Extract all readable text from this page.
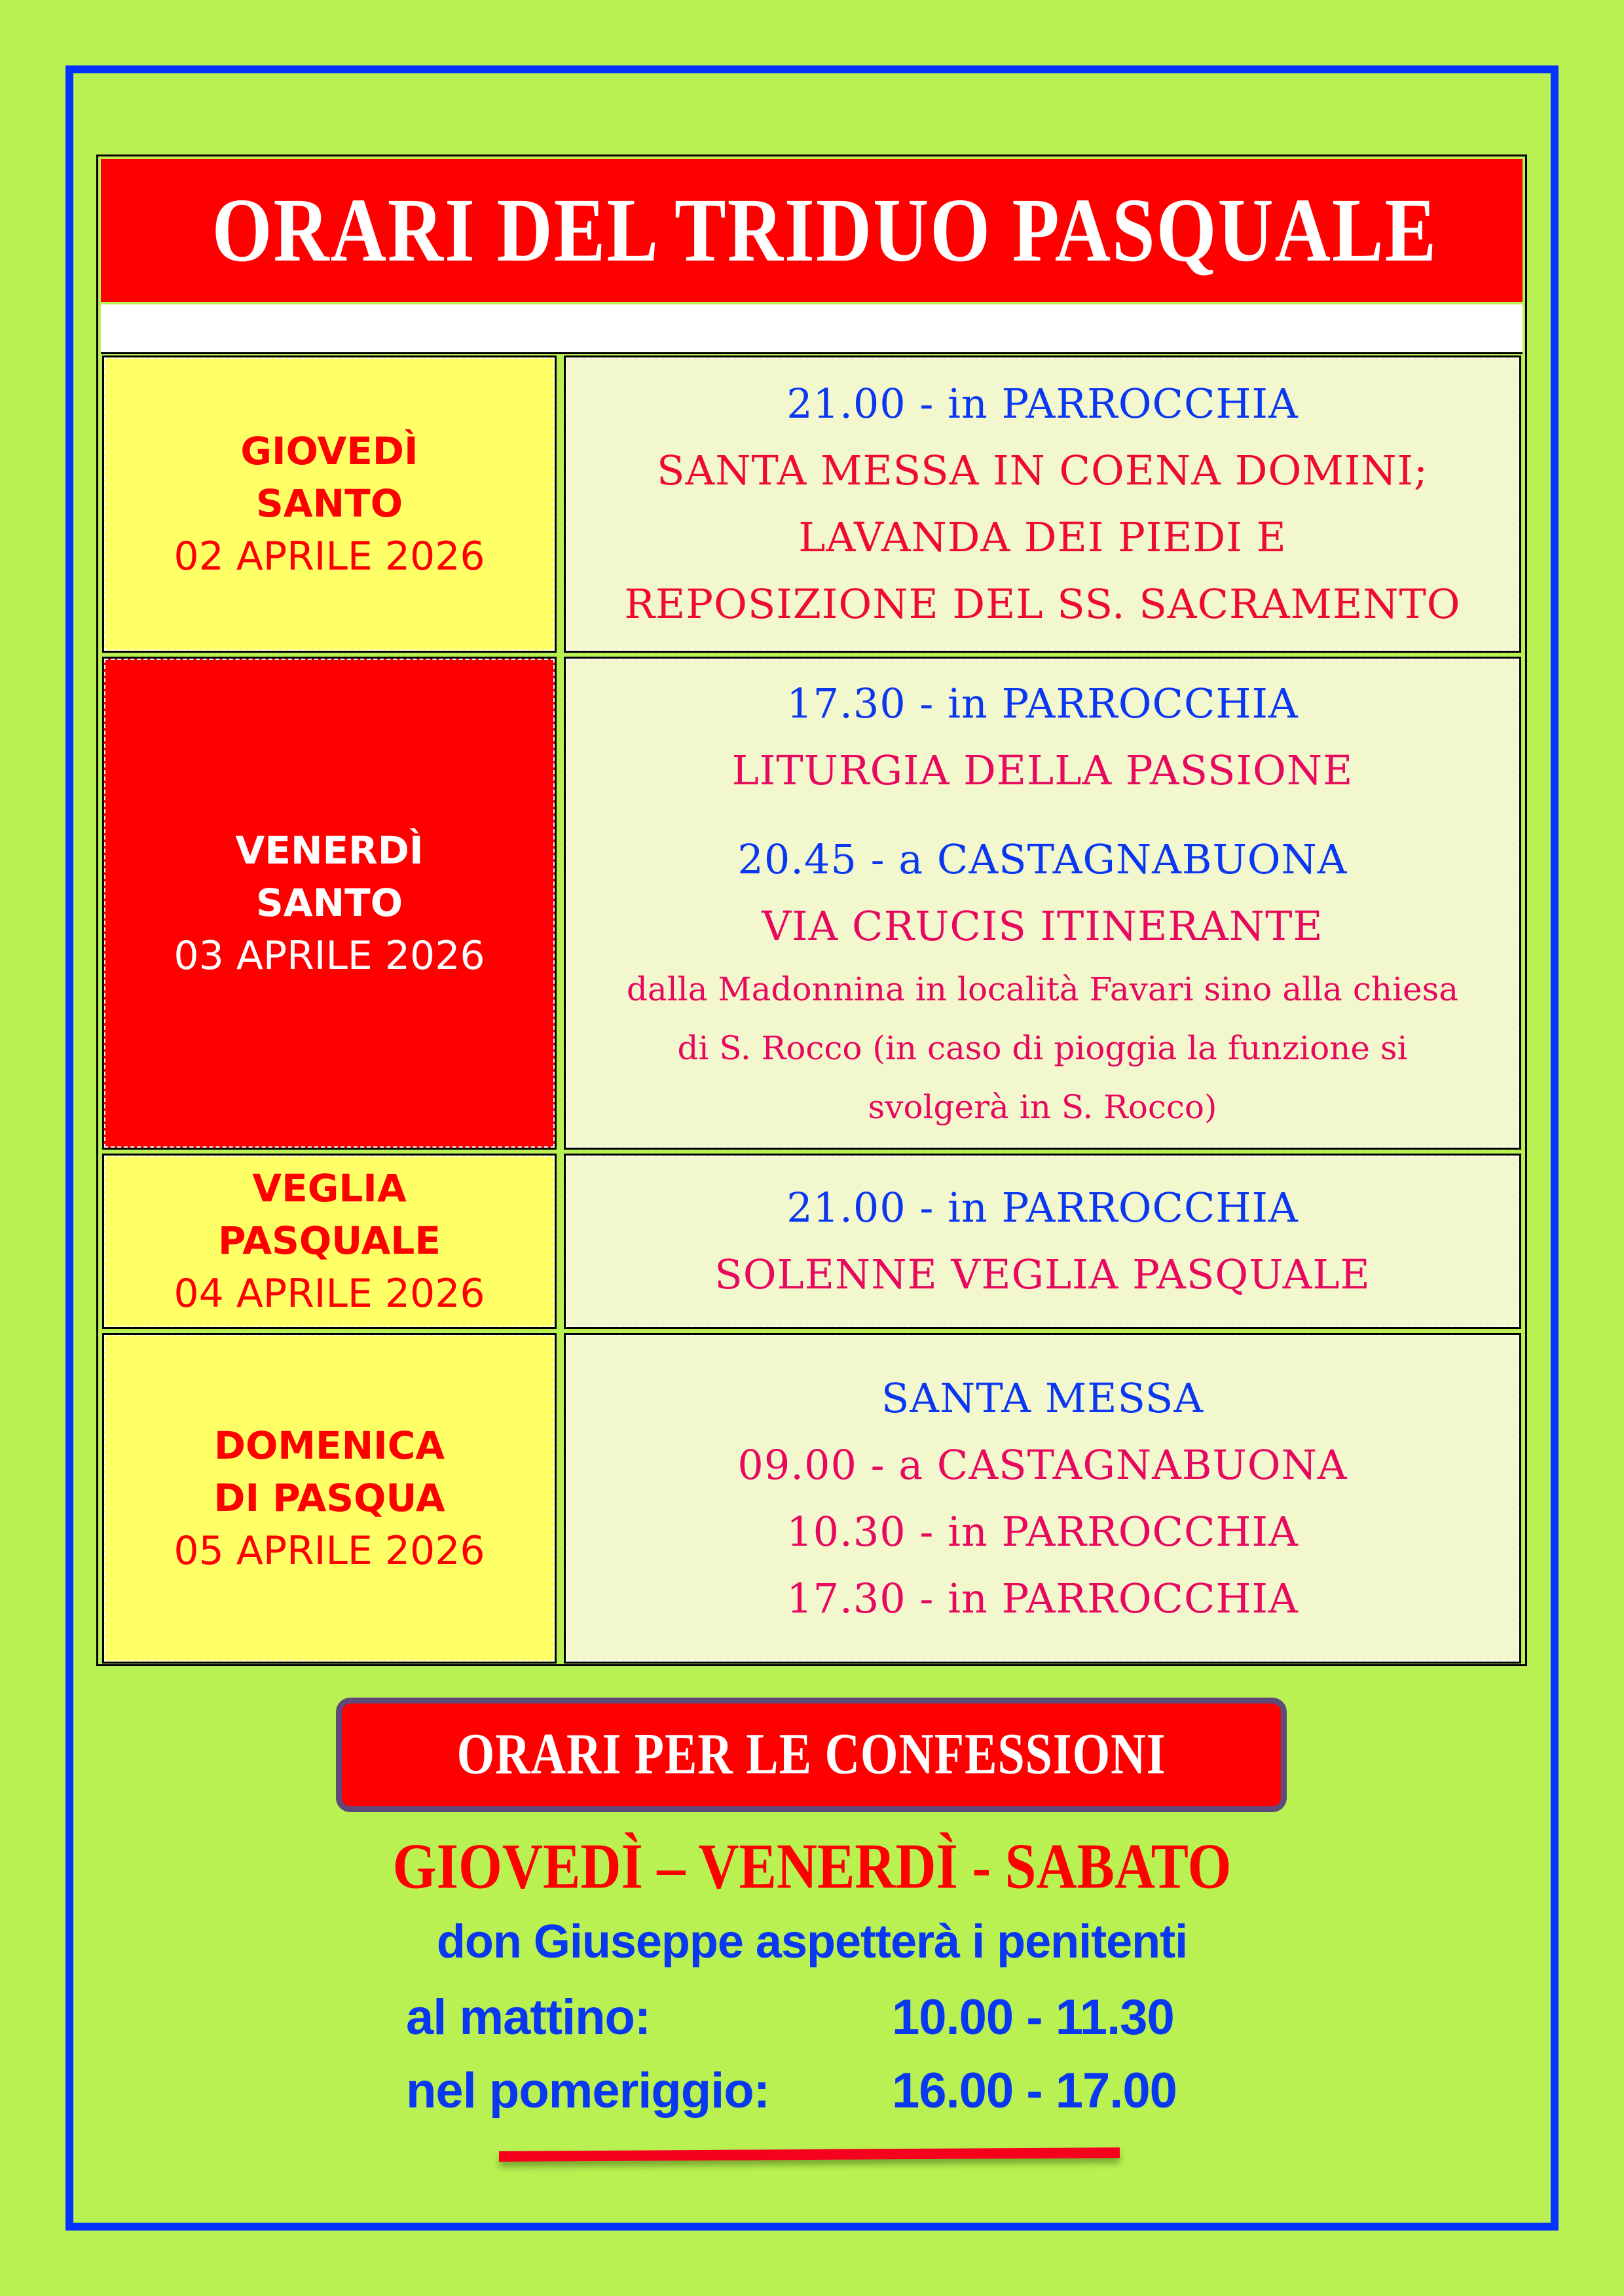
ORARI DEL TRIDUO PASQUALE
GIOVEDÌ
SANTO
02 APRILE 2026
21.00 - in PARROCCHIA
SANTA MESSA IN COENA DOMINI;
LAVANDA DEI PIEDI E
REPOSIZIONE DEL SS. SACRAMENTO
VENERDÌ
SANTO
03 APRILE 2026
17.30 - in PARROCCHIA
LITURGIA DELLA PASSIONE
20.45 - a CASTAGNABUONA
VIA CRUCIS ITINERANTE
dalla Madonnina in località Favari sino alla chiesa
di S. Rocco (in caso di pioggia la funzione si
svolgerà in S. Rocco)
VEGLIA
PASQUALE
04 APRILE 2026
21.00 - in PARROCCHIA
SOLENNE VEGLIA PASQUALE
DOMENICA
DI PASQUA
05 APRILE 2026
SANTA MESSA
09.00 - a CASTAGNABUONA
10.30 - in PARROCCHIA
17.30 - in PARROCCHIA
ORARI PER LE CONFESSIONI
GIOVEDÌ – VENERDÌ - SABATO
don Giuseppe aspetterà i penitenti
al mattino:	10.00 - 11.30
nel pomeriggio: 16.00 - 17.00
